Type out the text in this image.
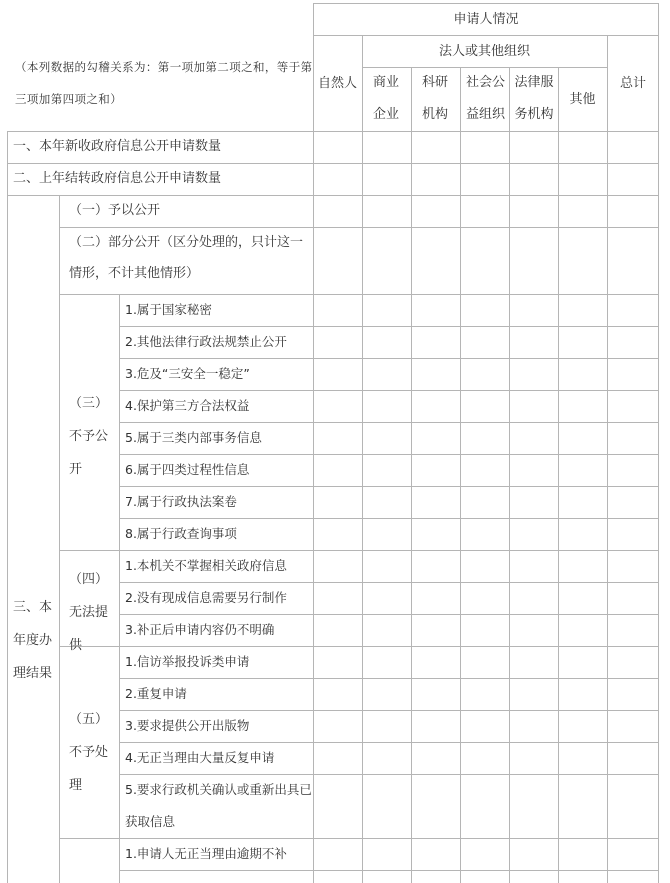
申请人情况
法人或其他组织
自然人	商业企业
科研机构
社会公益组织
法律服务机构
其他
总计
（本列数据的勾稽关系为：第一项加第二项之和，等于第三项加第四项之和）
一、本年新收政府信息公开申请数量
二、上年结转政府信息公开申请数量
三、本年度办理结果
（一）予以公开
（二）部分公开（区分处理的，只计这一情形，不计其他情形）
（三）不予公开
（四）无法提供
（五）不予处理
1.属于国家秘密
2.其他法律行政法规禁止公开
3.危及“三安全一稳定”
4.保护第三方合法权益
5.属于三类内部事务信息
6.属于四类过程性信息
7.属于行政执法案卷
8.属于行政查询事项
1.本机关不掌握相关政府信息
2.没有现成信息需要另行制作
3.补正后申请内容仍不明确
1.信访举报投诉类申请
2.重复申请
3.要求提供公开出版物
4.无正当理由大量反复申请
5.要求行政机关确认或重新出具已获取信息
1.申请人无正当理由逾期不补
